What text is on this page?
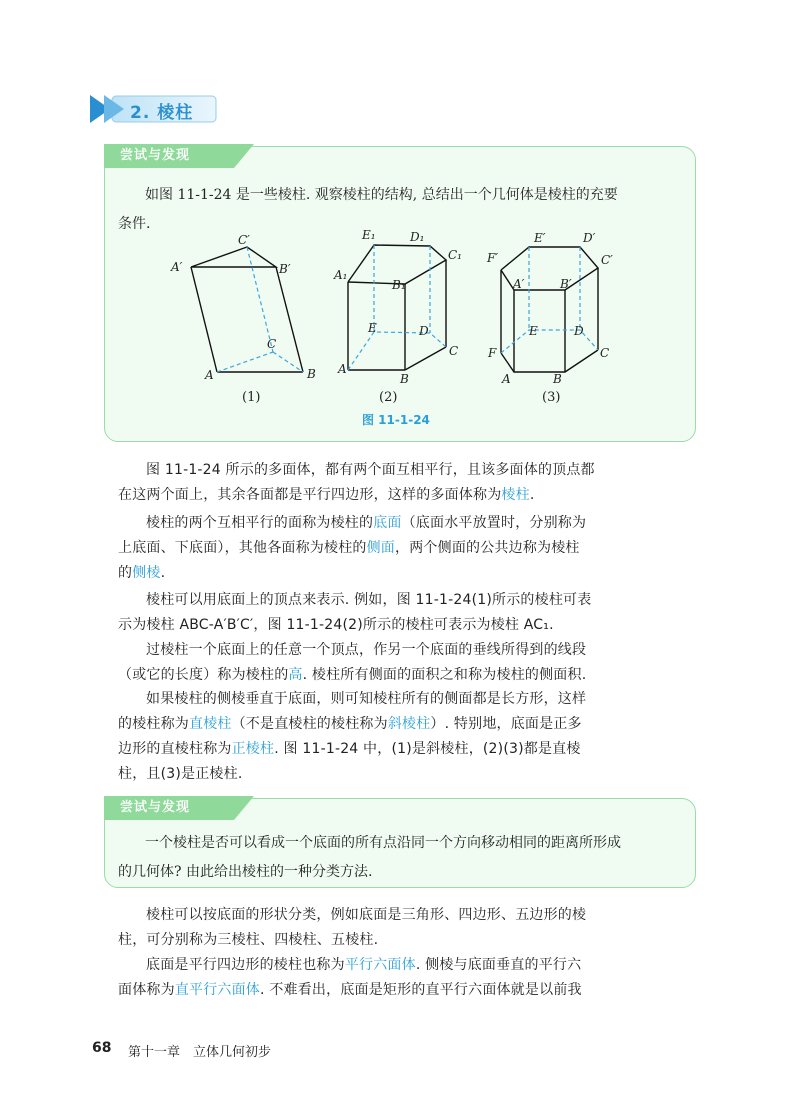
2. 棱柱
尝试与发现
如图 11-1-24 是一些棱柱. 观察棱柱的结构, 总结出一个几何体是棱柱的充要
条件.
C′
A′	B′
C
A	B
E₁	D₁
C₁
A₁
B₁
E	D
C
A
B
E′	D′
F′	C′
A′	B′
E	D
F	C
A	B
(1)	(2)	(3)
图 11-1-24
图 11-1-24 所示的多面体，都有两个面互相平行，且该多面体的顶点都
在这两个面上，其余各面都是平行四边形，这样的多面体称为棱柱.
棱柱的两个互相平行的面称为棱柱的底面（底面水平放置时，分别称为
上底面、下底面），其他各面称为棱柱的侧面，两个侧面的公共边称为棱柱
的侧棱.
棱柱可以用底面上的顶点来表示. 例如，图 11-1-24(1)所示的棱柱可表
示为棱柱 ABC-A′B′C′，图 11-1-24(2)所示的棱柱可表示为棱柱 AC₁.
过棱柱一个底面上的任意一个顶点，作另一个底面的垂线所得到的线段
（或它的长度）称为棱柱的高. 棱柱所有侧面的面积之和称为棱柱的侧面积.
如果棱柱的侧棱垂直于底面，则可知棱柱所有的侧面都是长方形，这样
的棱柱称为直棱柱（不是直棱柱的棱柱称为斜棱柱）. 特别地，底面是正多
边形的直棱柱称为正棱柱. 图 11-1-24 中，(1)是斜棱柱，(2)(3)都是直棱
柱，且(3)是正棱柱.
尝试与发现
一个棱柱是否可以看成一个底面的所有点沿同一个方向移动相同的距离所形成
的几何体? 由此给出棱柱的一种分类方法.
棱柱可以按底面的形状分类，例如底面是三角形、四边形、五边形的棱
柱，可分别称为三棱柱、四棱柱、五棱柱.
底面是平行四边形的棱柱也称为平行六面体. 侧棱与底面垂直的平行六
面体称为直平行六面体. 不难看出，底面是矩形的直平行六面体就是以前我
68 第十一章　立体几何初步
